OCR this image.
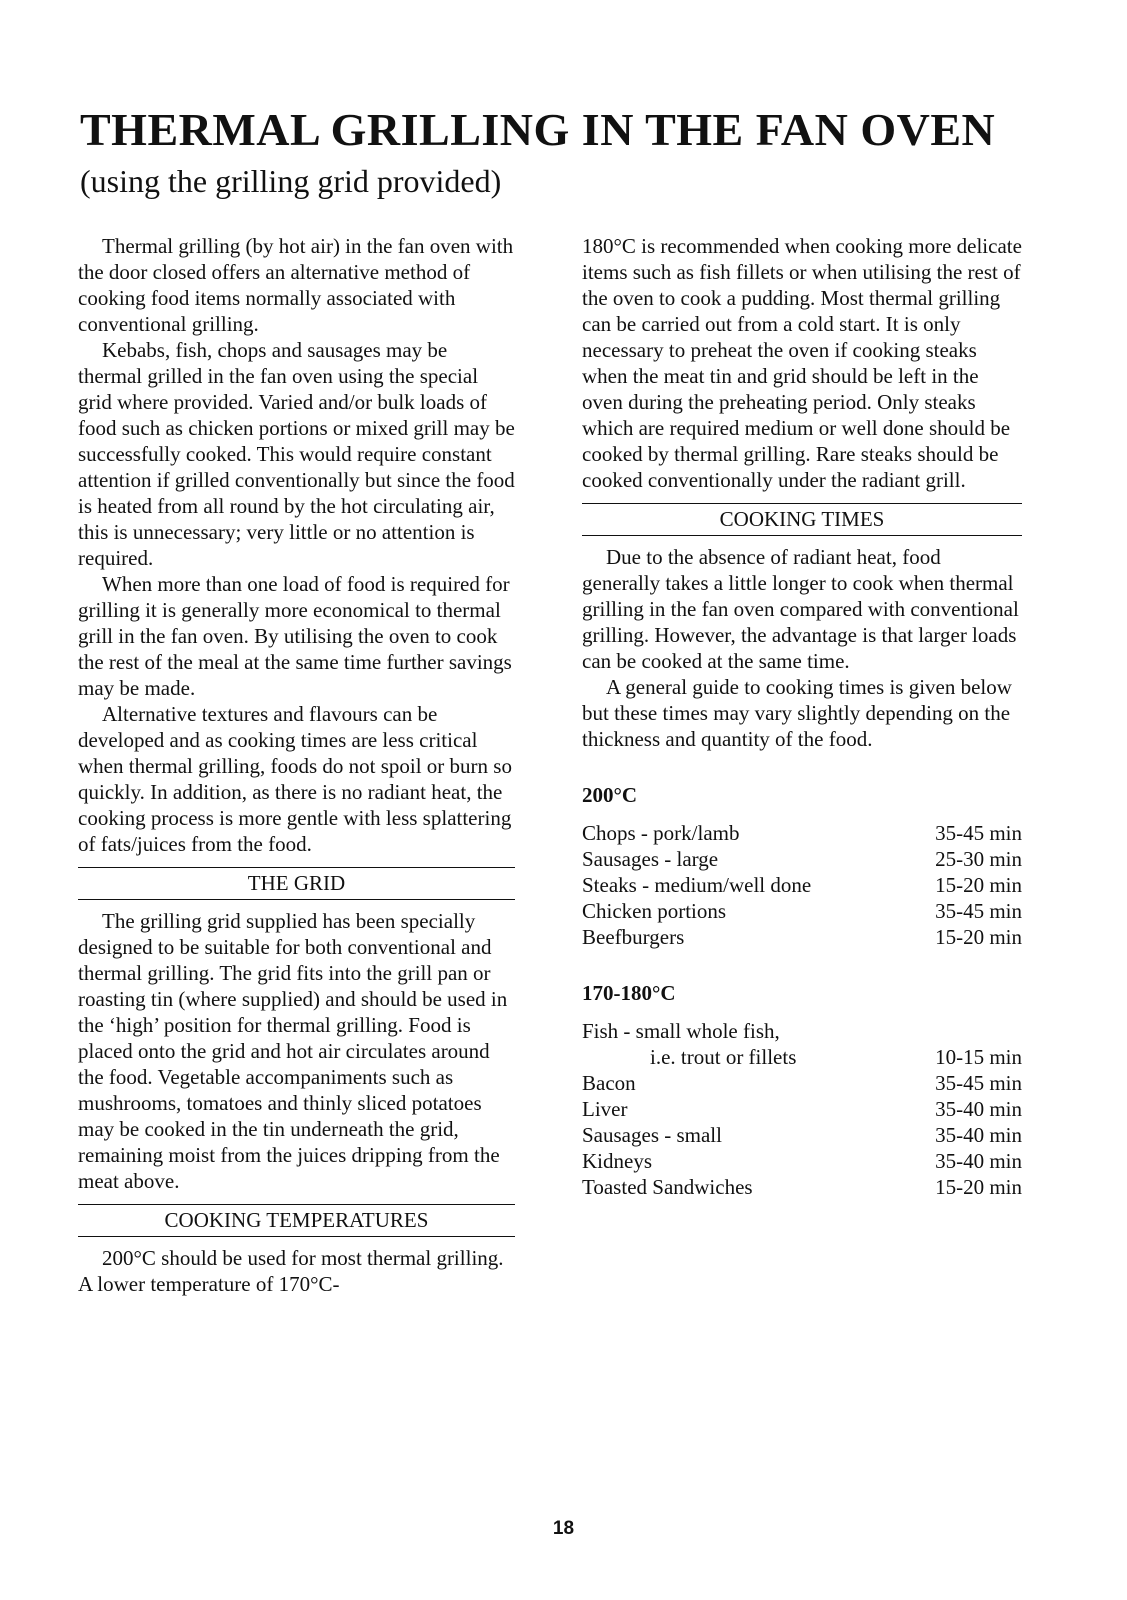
THERMAL GRILLING IN THE FAN OVEN
(using the grilling grid provided)

Thermal grilling (by hot air) in the fan oven with the door closed offers an alternative method of cooking food items normally associated with conventional grilling.

Kebabs, fish, chops and sausages may be thermal grilled in the fan oven using the special grid where provided. Varied and/or bulk loads of food such as chicken portions or mixed grill may be successfully cooked. This would require constant attention if grilled conventionally but since the food is heated from all round by the hot circulating air, this is unnecessary; very little or no attention is required.

When more than one load of food is required for grilling it is generally more economical to thermal grill in the fan oven. By utilising the oven to cook the rest of the meal at the same time further savings may be made.

Alternative textures and flavours can be developed and as cooking times are less critical when thermal grilling, foods do not spoil or burn so quickly. In addition, as there is no radiant heat, the cooking process is more gentle with less splattering of fats/juices from the food.

THE GRID

The grilling grid supplied has been specially designed to be suitable for both conventional and thermal grilling. The grid fits into the grill pan or roasting tin (where supplied) and should be used in the ‘high’ position for thermal grilling. Food is placed onto the grid and hot air circulates around the food. Vegetable accompaniments such as mushrooms, tomatoes and thinly sliced potatoes may be cooked in the tin underneath the grid, remaining moist from the juices dripping from the meat above.

COOKING TEMPERATURES

200°C should be used for most thermal grilling. A lower temperature of 170°C-

180°C is recommended when cooking more delicate items such as fish fillets or when utilising the rest of the oven to cook a pudding. Most thermal grilling can be carried out from a cold start. It is only necessary to preheat the oven if cooking steaks when the meat tin and grid should be left in the oven during the preheating period. Only steaks which are required medium or well done should be cooked by thermal grilling. Rare steaks should be cooked conventionally under the radiant grill.

COOKING TIMES

Due to the absence of radiant heat, food generally takes a little longer to cook when thermal grilling in the fan oven compared with conventional grilling. However, the advantage is that larger loads can be cooked at the same time.

A general guide to cooking times is given below but these times may vary slightly depending on the thickness and quantity of the food.

200°C
Chops - pork/lamb	35-45 min
Sausages - large	25-30 min
Steaks - medium/well done	15-20 min
Chicken portions	35-45 min
Beefburgers	15-20 min
170-180°C
Fish - small whole fish,	
i.e. trout or fillets	10-15 min
Bacon	35-45 min
Liver	35-40 min
Sausages - small	35-40 min
Kidneys	35-40 min
Toasted Sandwiches	15-20 min
18
